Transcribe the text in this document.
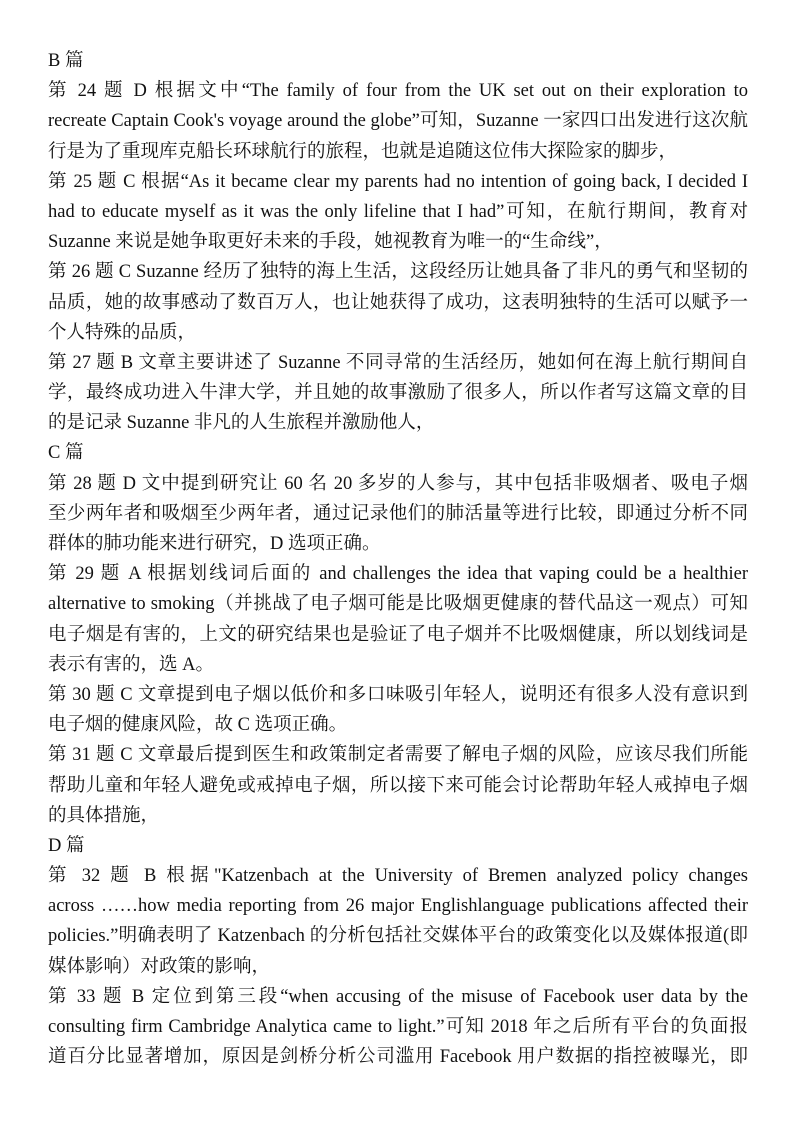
B 篇
第 24 题 D 根据文中“The family of four from the UK set out on their exploration to
recreate Captain Cook's voyage around the globe”可知，Suzanne 一家四口出发进行这次航
行是为了重现库克船长环球航行的旅程，也就是追随这位伟大探险家的脚步，
第 25 题 C 根据“As it became clear my parents had no intention of going back, I decided I
had to educate myself as it was the only lifeline that I had”可知，在航行期间，教育对
Suzanne 来说是她争取更好未来的手段，她视教育为唯一的“生命线”，
第 26 题 C Suzanne 经历了独特的海上生活，这段经历让她具备了非凡的勇气和坚韧的
品质，她的故事感动了数百万人，也让她获得了成功，这表明独特的生活可以赋予一
个人特殊的品质，
第 27 题 B 文章主要讲述了 Suzanne 不同寻常的生活经历，她如何在海上航行期间自
学，最终成功进入牛津大学，并且她的故事激励了很多人，所以作者写这篇文章的目
的是记录 Suzanne 非凡的人生旅程并激励他人，
C 篇
第 28 题 D 文中提到研究让 60 名 20 多岁的人参与，其中包括非吸烟者、吸电子烟
至少两年者和吸烟至少两年者，通过记录他们的肺活量等进行比较，即通过分析不同
群体的肺功能来进行研究，D 选项正确。
第 29 题 A 根据划线词后面的 and challenges the idea that vaping could be a healthier
alternative to smoking（并挑战了电子烟可能是比吸烟更健康的替代品这一观点）可知
电子烟是有害的，上文的研究结果也是验证了电子烟并不比吸烟健康，所以划线词是
表示有害的，选 A。
第 30 题 C 文章提到电子烟以低价和多口味吸引年轻人，说明还有很多人没有意识到
电子烟的健康风险，故 C 选项正确。
第 31 题 C 文章最后提到医生和政策制定者需要了解电子烟的风险，应该尽我们所能
帮助儿童和年轻人避免或戒掉电子烟，所以接下来可能会讨论帮助年轻人戒掉电子烟
的具体措施，
D 篇
第 32 题 B 根据"Katzenbach at the University of Bremen analyzed policy changes
across ……how media reporting from 26 major Englishlanguage publications affected their
policies.”明确表明了 Katzenbach 的分析包括社交媒体平台的政策变化以及媒体报道(即
媒体影响）对政策的影响，
第 33 题 B 定位到第三段“when accusing of the misuse of Facebook user data by the
consulting firm Cambridge Analytica came to light.”可知 2018 年之后所有平台的负面报
道百分比显著增加，原因是剑桥分析公司滥用 Facebook 用户数据的指控被曝光，即
